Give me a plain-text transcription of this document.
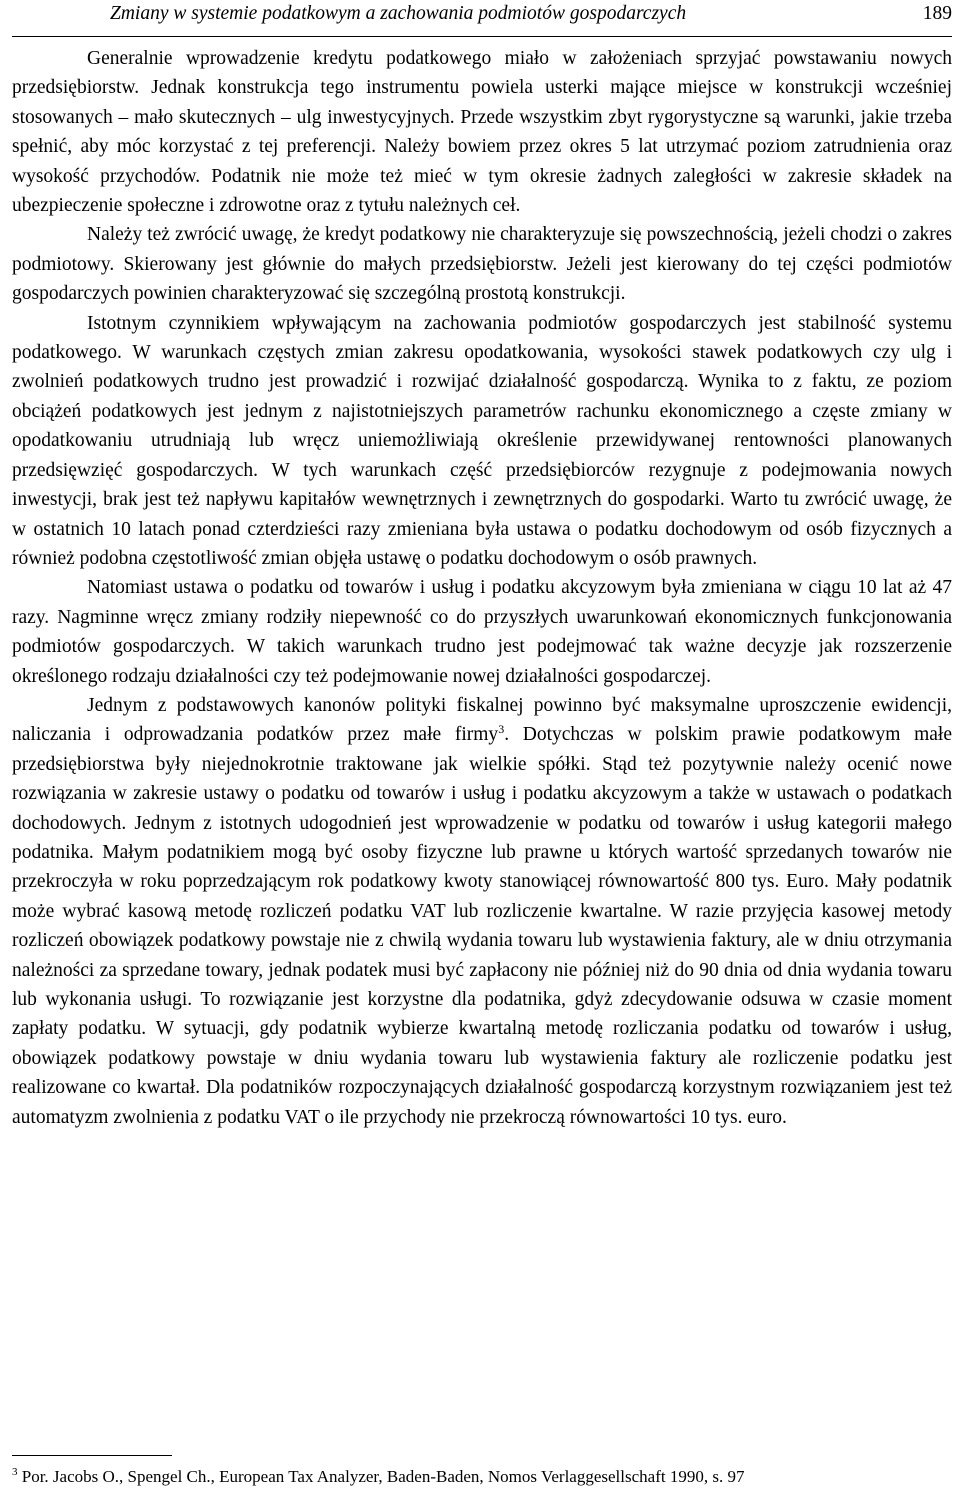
Zmiany w systemie podatkowym a zachowania podmiotów gospodarczych	189

Generalnie wprowadzenie kredytu podatkowego miało w założeniach sprzyjać powstawaniu nowych przedsiębiorstw. Jednak konstrukcja tego instrumentu powiela usterki mające miejsce w konstrukcji wcześniej stosowanych – mało skutecznych – ulg inwestycyjnych. Przede wszystkim zbyt rygorystyczne są warunki, jakie trzeba spełnić, aby móc korzystać z tej preferencji. Należy bowiem przez okres 5 lat utrzymać poziom zatrudnienia oraz wysokość przychodów. Podatnik nie może też mieć w tym okresie żadnych zaległości w zakresie składek na ubezpieczenie społeczne i zdrowotne oraz z tytułu należnych ceł.

Należy też zwrócić uwagę, że kredyt podatkowy nie charakteryzuje się powszechnością, jeżeli chodzi o zakres podmiotowy. Skierowany jest głównie do małych przedsiębiorstw. Jeżeli jest kierowany do tej części podmiotów gospodarczych powinien charakteryzować się szczególną prostotą konstrukcji.

Istotnym czynnikiem wpływającym na zachowania podmiotów gospodarczych jest stabilność systemu podatkowego. W warunkach częstych zmian zakresu opodatkowania, wysokości stawek podatkowych czy ulg i zwolnień podatkowych trudno jest prowadzić i rozwijać działalność gospodarczą. Wynika to z faktu, ze poziom obciążeń podatkowych jest jednym z najistotniejszych parametrów rachunku ekonomicznego a częste zmiany w opodatkowaniu utrudniają lub wręcz uniemożliwiają określenie przewidywanej rentowności planowanych przedsięwzięć gospodarczych. W tych warunkach część przedsiębiorców rezygnuje z podejmowania nowych inwestycji, brak jest też napływu kapitałów wewnętrznych i zewnętrznych do gospodarki. Warto tu zwrócić uwagę, że w ostatnich 10 latach ponad czterdzieści razy zmieniana była ustawa o podatku dochodowym od osób fizycznych a również podobna częstotliwość zmian objęła ustawę o podatku dochodowym o osób prawnych.

Natomiast ustawa o podatku od towarów i usług i podatku akcyzowym była zmieniana w ciągu 10 lat aż 47 razy. Nagminne wręcz zmiany rodziły niepewność co do przyszłych uwarunkowań ekonomicznych funkcjonowania podmiotów gospodarczych. W takich warunkach trudno jest podejmować tak ważne decyzje jak rozszerzenie określonego rodzaju działalności czy też podejmowanie nowej działalności gospodarczej.

Jednym z podstawowych kanonów polityki fiskalnej powinno być maksymalne uproszczenie ewidencji, naliczania i odprowadzania podatków przez małe firmy$^3$. Dotychczas w polskim prawie podatkowym małe przedsiębiorstwa były niejednokrotnie traktowane jak wielkie spółki. Stąd też pozytywnie należy ocenić nowe rozwiązania w zakresie ustawy o podatku od towarów i usług i podatku akcyzowym a także w ustawach o podatkach dochodowych. Jednym z istotnych udogodnień jest wprowadzenie w podatku od towarów i usług kategorii małego podatnika. Małym podatnikiem mogą być osoby fizyczne lub prawne u których wartość sprzedanych towarów nie przekroczyła w roku poprzedzającym rok podatkowy kwoty stanowiącej równowartość 800 tys. Euro. Mały podatnik może wybrać kasową metodę rozliczeń podatku VAT lub rozliczenie kwartalne. W razie przyjęcia kasowej metody rozliczeń obowiązek podatkowy powstaje nie z chwilą wydania towaru lub wystawienia faktury, ale w dniu otrzymania należności za sprzedane towary, jednak podatek musi być zapłacony nie później niż do 90 dnia od dnia wydania towaru lub wykonania usługi. To rozwiązanie jest korzystne dla podatnika, gdyż zdecydowanie odsuwa w czasie moment zapłaty podatku. W sytuacji, gdy podatnik wybierze kwartalną metodę rozliczania podatku od towarów i usług, obowiązek podatkowy powstaje w dniu wydania towaru lub wystawienia faktury ale rozliczenie podatku jest realizowane co kwartał. Dla podatników rozpoczynających działalność gospodarczą korzystnym rozwiązaniem jest też automatyzm zwolnienia z podatku VAT o ile przychody nie przekroczą równowartości 10 tys. euro.

$^3$ Por. Jacobs O., Spengel Ch., European Tax Analyzer, Baden-Baden, Nomos Verlaggesellschaft 1990, s. 97
